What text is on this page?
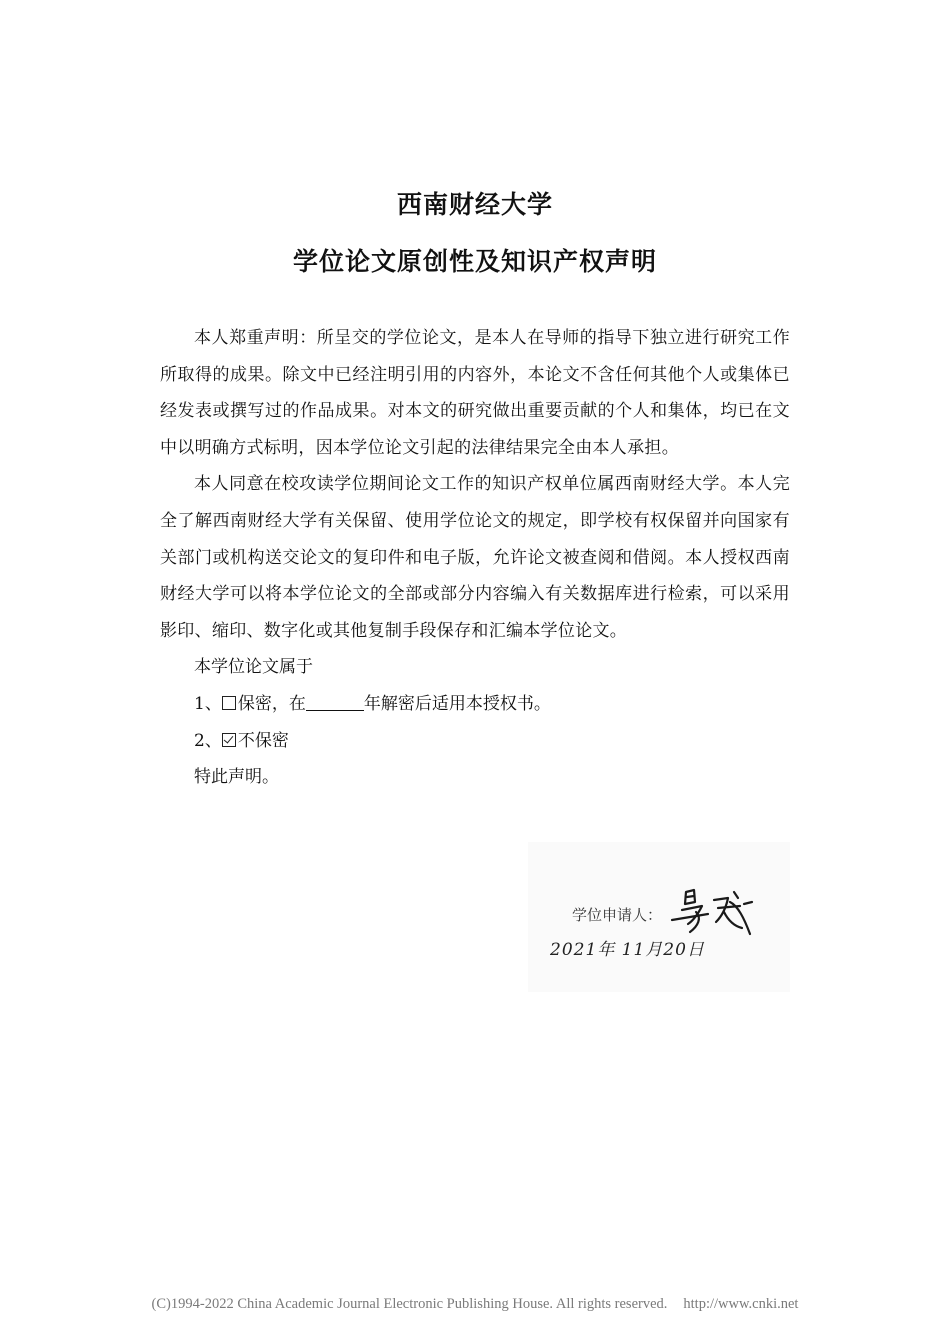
西南财经大学
学位论文原创性及知识产权声明

本人郑重声明：所呈交的学位论文，是本人在导师的指导下独立进行研究工作所取得的成果。除文中已经注明引用的内容外，本论文不含任何其他个人或集体已经发表或撰写过的作品成果。对本文的研究做出重要贡献的个人和集体，均已在文中以明确方式标明，因本学位论文引起的法律结果完全由本人承担。

本人同意在校攻读学位期间论文工作的知识产权单位属西南财经大学。本人完全了解西南财经大学有关保留、使用学位论文的规定，即学校有权保留并向国家有关部门或机构送交论文的复印件和电子版，允许论文被查阅和借阅。本人授权西南财经大学可以将本学位论文的全部或部分内容编入有关数据库进行检索，可以采用影印、缩印、数字化或其他复制手段保存和汇编本学位论文。

本学位论文属于

1、 保密，在	年解密后适用本授权书。

2、 不保密

特此声明。

学位申请人：
2021年 11月20日
(C)1994-2022 China Academic Journal Electronic Publishing House. All rights reserved. http://www.cnki.net
